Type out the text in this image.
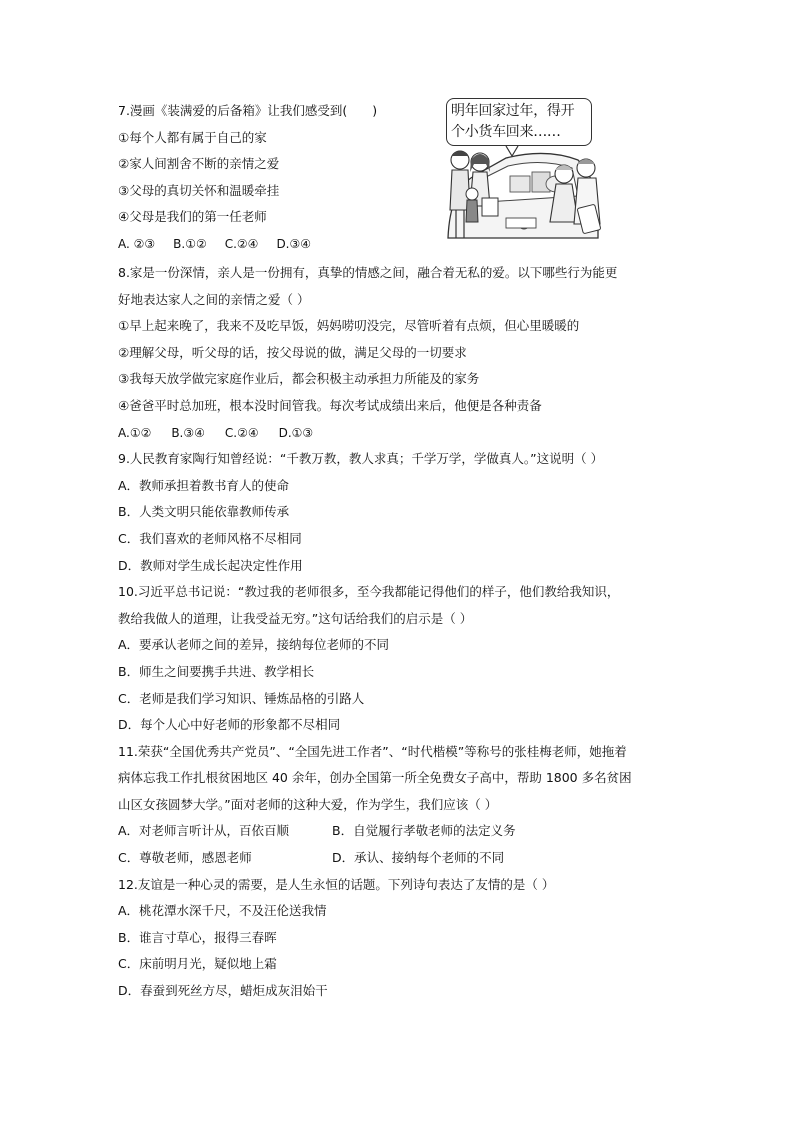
7.漫画《装满爱的后备箱》让我们感受到(　　)
①每个人都有属于自己的家
②家人间割舍不断的亲情之爱
③父母的真切关怀和温暖牵挂
④父母是我们的第一任老师
A. ②③ B.①② C.②④ D.③④
明年回家过年，得开
个小货车回来……
8.家是一份深情，亲人是一份拥有，真挚的情感之间，融合着无私的爱。以下哪些行为能更
好地表达家人之间的亲情之爱（ ）
①早上起来晚了，我来不及吃早饭，妈妈唠叨没完，尽管听着有点烦，但心里暖暖的
②理解父母，听父母的话，按父母说的做，满足父母的一切要求
③我每天放学做完家庭作业后，都会积极主动承担力所能及的家务
④爸爸平时总加班，根本没时间管我。每次考试成绩出来后，他便是各种责备
A.①② B.③④ C.②④ D.①③
9.人民教育家陶行知曾经说：“千教万教，教人求真；千学万学，学做真人。”这说明（ ）
A．教师承担着教书育人的使命
B．人类文明只能依靠教师传承
C．我们喜欢的老师风格不尽相同
D．教师对学生成长起决定性作用
10.习近平总书记说：“教过我的老师很多，至今我都能记得他们的样子，他们教给我知识，
教给我做人的道理，让我受益无穷。”这句话给我们的启示是（ ）
A．要承认老师之间的差异，接纳每位老师的不同
B．师生之间要携手共进、教学相长
C．老师是我们学习知识、锤炼品格的引路人
D．每个人心中好老师的形象都不尽相同
11.荣获“全国优秀共产党员”、“全国先进工作者”、“时代楷模”等称号的张桂梅老师，她拖着
病体忘我工作扎根贫困地区 40 余年，创办全国第一所全免费女子高中，帮助 1800 多名贫困
山区女孩圆梦大学。”面对老师的这种大爱，作为学生，我们应该（ ）
A．对老师言听计从，百依百顺	B．自觉履行孝敬老师的法定义务
C．尊敬老师，感恩老师	D．承认、接纳每个老师的不同
12.友谊是一种心灵的需要，是人生永恒的话题。下列诗句表达了友情的是（ ）
A．桃花潭水深千尺，不及汪伦送我情
B．谁言寸草心，报得三春晖
C．床前明月光，疑似地上霜
D．春蚕到死丝方尽，蜡炬成灰泪始干
